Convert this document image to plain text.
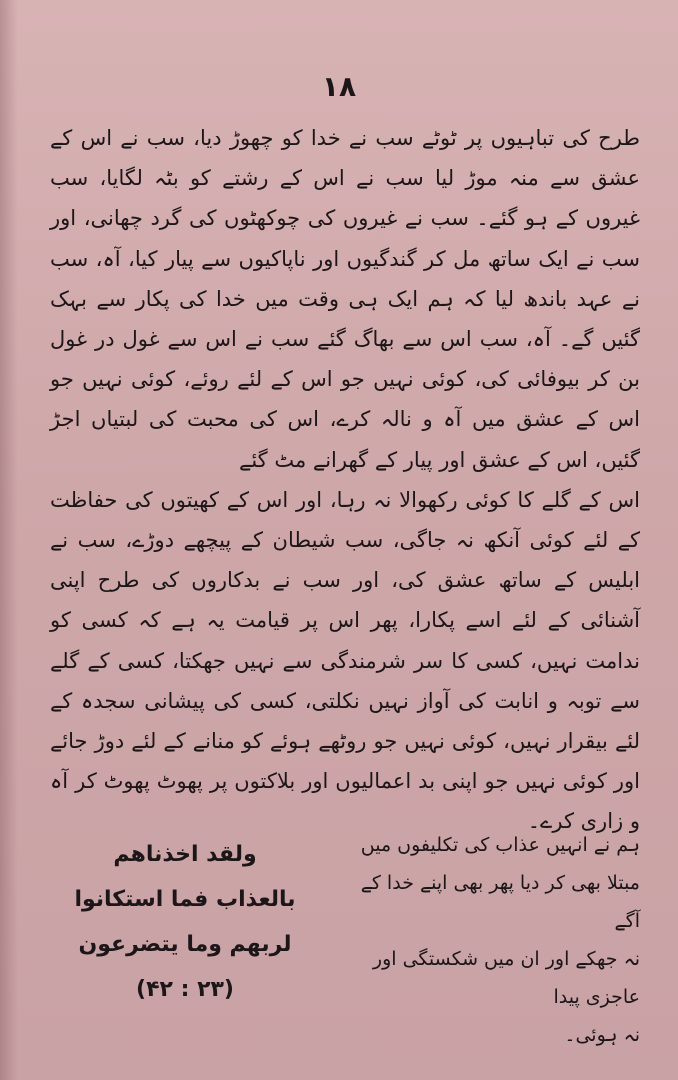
۱۸

طرح کی تباہیوں پر ٹوٹے سب نے خدا کو چھوڑ دیا، سب نے اس کے عشق سے منہ موڑ لیا سب نے اس کے رشتے کو بٹہ لگایا، سب غیروں کے ہو گئے۔ سب نے غیروں کی چوکھٹوں کی گرد چھانی، اور سب نے ایک ساتھ مل کر گندگیوں اور ناپاکیوں سے پیار کیا، آہ، سب نے عہد باندھ لیا کہ ہم ایک ہی وقت میں خدا کی پکار سے بہک گئیں گے۔ آہ، سب اس سے بھاگ گئے سب نے اس سے غول در غول بن کر بیوفائی کی، کوئی نہیں جو اس کے لئے روئے، کوئی نہیں جو اس کے عشق میں آہ و نالہ کرے، اس کی محبت کی لبتیاں اجڑ گئیں، اس کے عشق اور پیار کے گھرانے مٹ گئے

اس کے گلے کا کوئی رکھوالا نہ رہا، اور اس کے کھیتوں کی حفاظت کے لئے کوئی آنکھ نہ جاگی، سب شیطان کے پیچھے دوڑے، سب نے ابلیس کے ساتھ عشق کی، اور سب نے بدکاروں کی طرح اپنی آشنائی کے لئے اسے پکارا، پھر اس پر قیامت یہ ہے کہ کسی کو ندامت نہیں، کسی کا سر شرمندگی سے نہیں جھکتا، کسی کے گلے سے توبہ و انابت کی آواز نہیں نکلتی، کسی کی پیشانی سجدہ کے لئے بیقرار نہیں، کوئی نہیں جو روٹھے ہوئے کو منانے کے لئے دوڑ جائے اور کوئی نہیں جو اپنی بد اعمالیوں اور بلاکتوں پر پھوٹ پھوٹ کر آہ و زاری کرے۔

ہم نے انہیں عذاب کی تکلیفوں میں
مبتلا بھی کر دیا پھر بھی اپنے خدا کے آگے
نہ جھکے اور ان میں شکستگی اور عاجزی پیدا
نہ ہوئی۔
ولقد اخذناهم
بالعذاب فما استكانوا
لربهم وما يتضرعون
(۲۳ : ۴۲)
